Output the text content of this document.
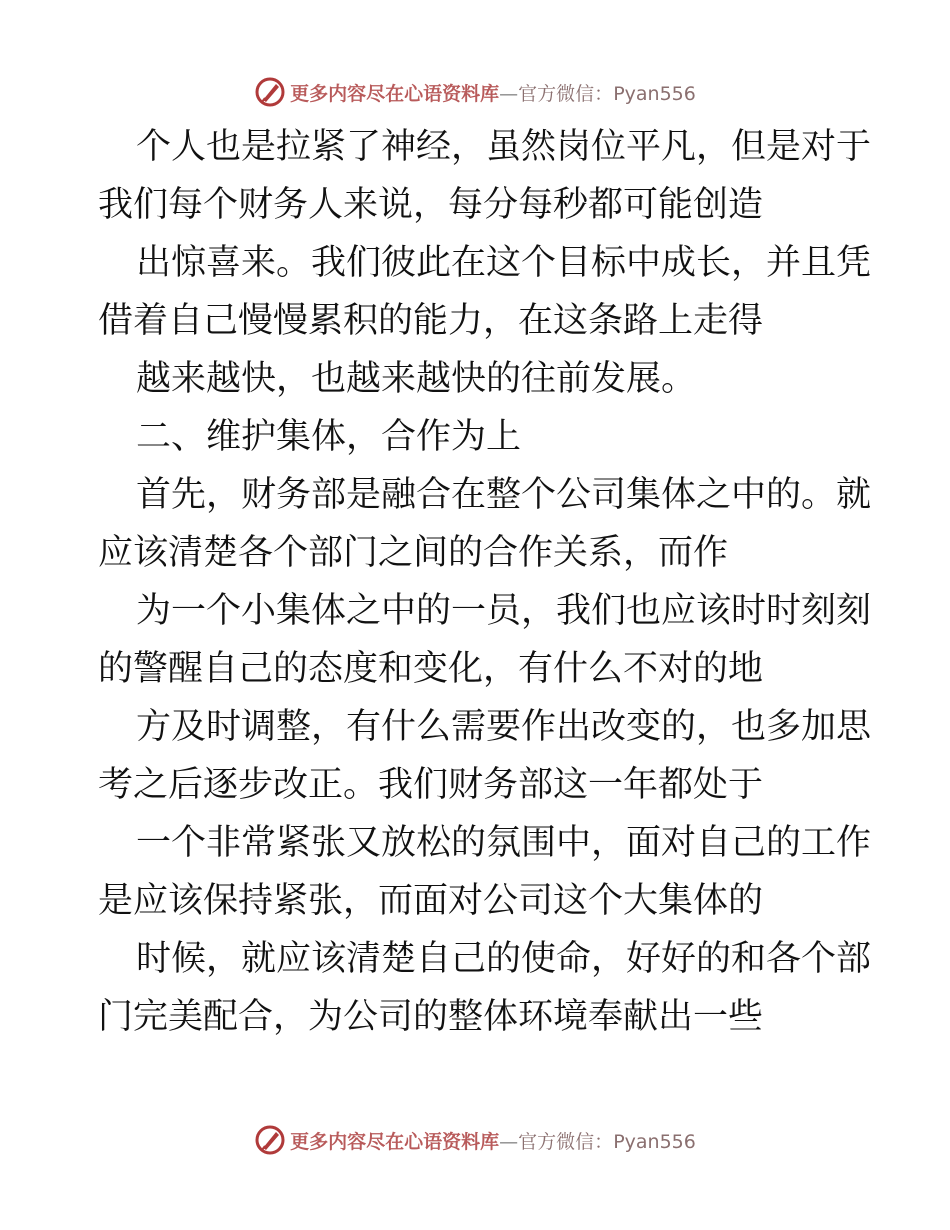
更多内容尽在心语资料库—官方微信：Pyan556
个人也是拉紧了神经，虽然岗位平凡，但是对于
我们每个财务人来说，每分每秒都可能创造
出惊喜来。我们彼此在这个目标中成长，并且凭
借着自己慢慢累积的能力，在这条路上走得
越来越快，也越来越快的往前发展。
二、维护集体，合作为上
首先，财务部是融合在整个公司集体之中的。就
应该清楚各个部门之间的合作关系，而作
为一个小集体之中的一员，我们也应该时时刻刻
的警醒自己的态度和变化，有什么不对的地
方及时调整，有什么需要作出改变的，也多加思
考之后逐步改正。我们财务部这一年都处于
一个非常紧张又放松的氛围中，面对自己的工作
是应该保持紧张，而面对公司这个大集体的
时候，就应该清楚自己的使命，好好的和各个部
门完美配合，为公司的整体环境奉献出一些
更多内容尽在心语资料库—官方微信：Pyan556
